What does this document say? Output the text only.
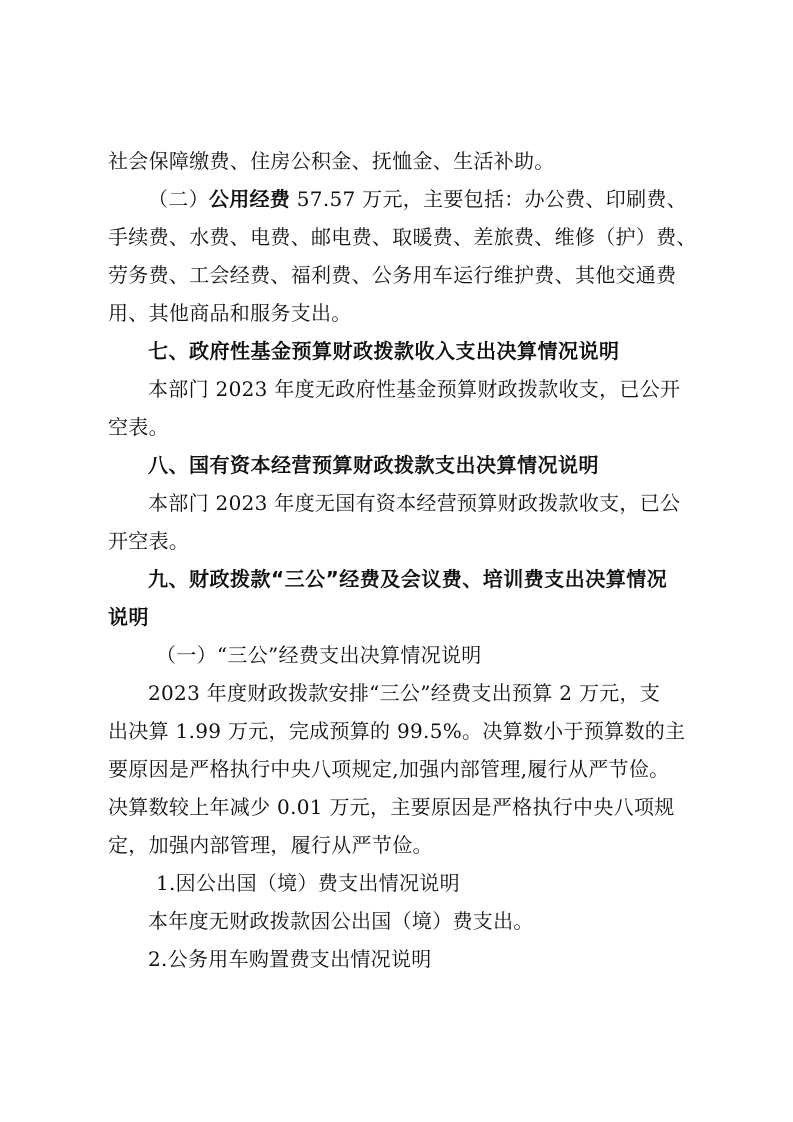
社会保障缴费、住房公积金、抚恤金、生活补助。
（二）公用经费 57.57 万元，主要包括：办公费、印刷费、
手续费、水费、电费、邮电费、取暖费、差旅费、维修（护）费、
劳务费、工会经费、福利费、公务用车运行维护费、其他交通费
用、其他商品和服务支出。
七、政府性基金预算财政拨款收入支出决算情况说明
本部门 2023 年度无政府性基金预算财政拨款收支，已公开
空表。
八、国有资本经营预算财政拨款支出决算情况说明
本部门 2023 年度无国有资本经营预算财政拨款收支，已公
开空表。
九、财政拨款“三公”经费及会议费、培训费支出决算情况
说明
（一）“三公”经费支出决算情况说明
2023 年度财政拨款安排“三公”经费支出预算 2 万元，支
出决算 1.99 万元，完成预算的 99.5%。决算数小于预算数的主
要原因是严格执行中央八项规定,加强内部管理,履行从严节俭。
决算数较上年减少 0.01 万元，主要原因是严格执行中央八项规
定，加强内部管理，履行从严节俭。
1.因公出国（境）费支出情况说明
本年度无财政拨款因公出国（境）费支出。
2.公务用车购置费支出情况说明
